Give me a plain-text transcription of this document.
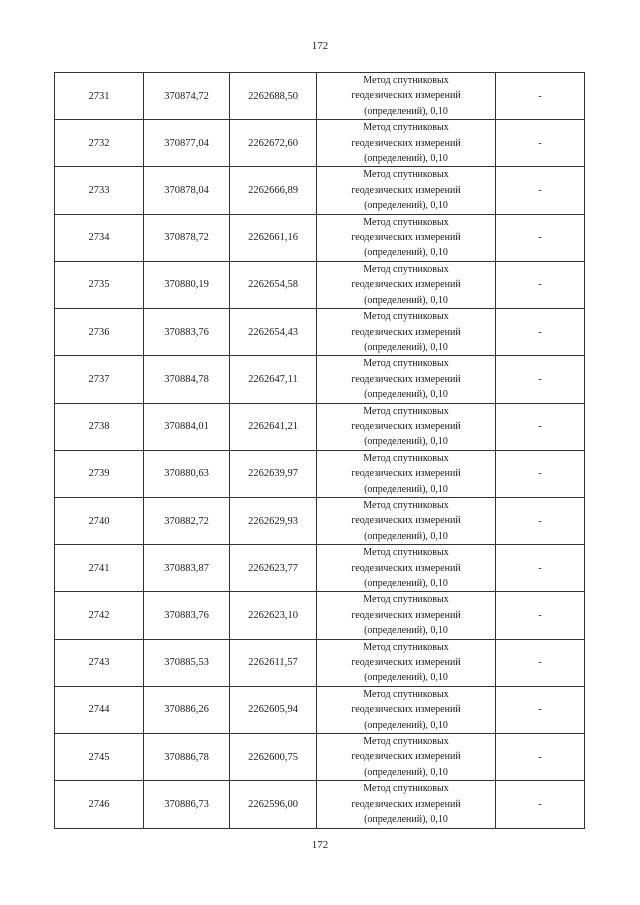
172
2731	370874,72	2262688,50	Метод спутниковых
геодезических измерений
(определений), 0,10	-
2732	370877,04	2262672,60	Метод спутниковых
геодезических измерений
(определений), 0,10	-
2733	370878,04	2262666,89	Метод спутниковых
геодезических измерений
(определений), 0,10	-
2734	370878,72	2262661,16	Метод спутниковых
геодезических измерений
(определений), 0,10	-
2735	370880,19	2262654,58	Метод спутниковых
геодезических измерений
(определений), 0,10	-
2736	370883,76	2262654,43	Метод спутниковых
геодезических измерений
(определений), 0,10	-
2737	370884,78	2262647,11	Метод спутниковых
геодезических измерений
(определений), 0,10	-
2738	370884,01	2262641,21	Метод спутниковых
геодезических измерений
(определений), 0,10	-
2739	370880,63	2262639,97	Метод спутниковых
геодезических измерений
(определений), 0,10	-
2740	370882,72	2262629,93	Метод спутниковых
геодезических измерений
(определений), 0,10	-
2741	370883,87	2262623,77	Метод спутниковых
геодезических измерений
(определений), 0,10	-
2742	370883,76	2262623,10	Метод спутниковых
геодезических измерений
(определений), 0,10	-
2743	370885,53	2262611,57	Метод спутниковых
геодезических измерений
(определений), 0,10	-
2744	370886,26	2262605,94	Метод спутниковых
геодезических измерений
(определений), 0,10	-
2745	370886,78	2262600,75	Метод спутниковых
геодезических измерений
(определений), 0,10	-
2746	370886,73	2262596,00	Метод спутниковых
геодезических измерений
(определений), 0,10	-
172
